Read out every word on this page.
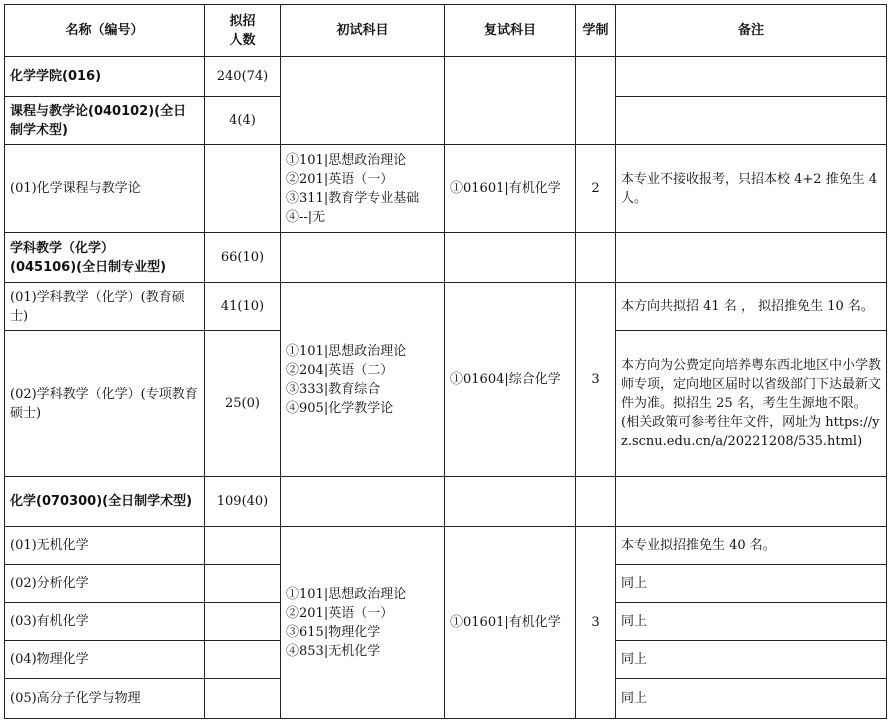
名称（编号）	拟招
人数	初试科目	复试科目	学制	备注
化学学院(016)	240(74)				
课程与教学论(040102)(全日制学术型)	4(4)				
(01)化学课程与教学论		①101|思想政治理论
②201|英语（一）
③311|教育学专业基础
④--|无	①01601|有机化学	2	本专业不接收报考，只招本校 4+2 推免生 4 人。

学科教学（化学）
(045106)(全日制专业型)	66(10)				
(01)学科教学（化学）(教育硕士)	41(10)	①101|思想政治理论
②204|英语（二）
③333|教育综合
④905|化学教学论	①01604|综合化学	3	本方向共拟招 41 名 ， 拟招推免生 10 名。
(02)学科教学（化学）(专项教育硕士)	25(0)				本方向为公费定向培养粤东西北地区中小学教师专项，定向地区届时以省级部门下达最新文件为准。拟招生 25 名，考生生源地不限。(相关政策可参考往年文件，网址为 https://yz.scnu.edu.cn/a/20221208/535.html)
化学(070300)(全日制学术型)	109(40)				
(01)无机化学		①101|思想政治理论
②201|英语（一）
③615|物理化学
④853|无机化学	①01601|有机化学	3	本专业拟招推免生 40 名。
(02)分析化学					同上
(03)有机化学					同上
(04)物理化学					同上
(05)高分子化学与物理					同上
